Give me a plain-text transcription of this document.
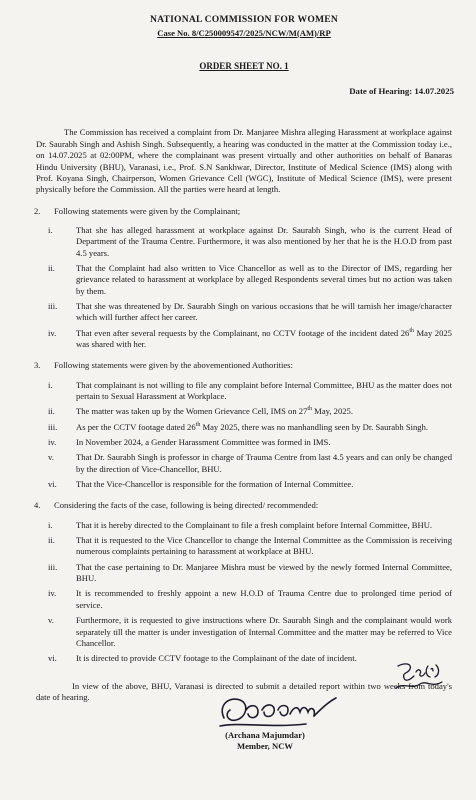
NATIONAL COMMISSION FOR WOMEN
Case No. 8/C250009547/2025/NCW/M(AM)/RP
ORDER SHEET NO. 1
Date of Hearing: 14.07.2025
The Commission has received a complaint from Dr. Manjaree Mishra alleging Harassment at workplace against Dr. Saurabh Singh and Ashish Singh. Subsequently, a hearing was conducted in the matter at the Commission today i.e., on 14.07.2025 at 02:00PM, where the complainant was present virtually and other authorities on behalf of Banaras Hindu University (BHU), Varanasi, i.e., Prof. S.N Sankhwar, Director, Institute of Medical Science (IMS) along with Prof. Koyana Singh, Chairperson, Women Grievance Cell (WGC), Institute of Medical Science (IMS), were present physically before the Commission. All the parties were heard at length.
2.	Following statements were given by the Complainant;
i.	That she has alleged harassment at workplace against Dr. Saurabh Singh, who is the current Head of Department of the Trauma Centre. Furthermore, it was also mentioned by her that he is the H.O.D from past 4.5 years.
ii.	That the Complaint had also written to Vice Chancellor as well as to the Director of IMS, regarding her grievance related to harassment at workplace by alleged Respondents several times but no action was taken by them.
iii.	That she was threatened by Dr. Saurabh Singh on various occasions that he will tarnish her image/character which will further affect her career.
iv.	That even after several requests by the Complainant, no CCTV footage of the incident dated 26th May 2025 was shared with her.
3.	Following statements were given by the abovementioned Authorities:
i.	That complainant is not willing to file any complaint before Internal Committee, BHU as the matter does not pertain to Sexual Harassment at Workplace.
ii.	The matter was taken up by the Women Grievance Cell, IMS on 27th May, 2025.
iii.	As per the CCTV footage dated 26th May 2025, there was no manhandling seen by Dr. Saurabh Singh.
iv.	In November 2024, a Gender Harassment Committee was formed in IMS.
v.	That Dr. Saurabh Singh is professor in charge of Trauma Centre from last 4.5 years and can only be changed by the direction of Vice-Chancellor, BHU.
vi.	That the Vice-Chancellor is responsible for the formation of Internal Committee.
4.	Considering the facts of the case, following is being directed/ recommended:
i.	That it is hereby directed to the Complainant to file a fresh complaint before Internal Committee, BHU.
ii.	That it is requested to the Vice Chancellor to change the Internal Committee as the Commission is receiving numerous complaints pertaining to harassment at workplace at BHU.
iii.	That the case pertaining to Dr. Manjaree Mishra must be viewed by the newly formed Internal Committee, BHU.
iv.	It is recommended to freshly appoint a new H.O.D of Trauma Centre due to prolonged time period of service.
v.	Furthermore, it is requested to give instructions where Dr. Saurabh Singh and the complainant would work separately till the matter is under investigation of Internal Committee and the matter may be referred to Vice Chancellor.
vi.	It is directed to provide CCTV footage to the Complainant of the date of incident.
In view of the above, BHU, Varanasi is directed to submit a detailed report within two weeks from today's date of hearing.
(Archana Majumdar)
Member, NCW
